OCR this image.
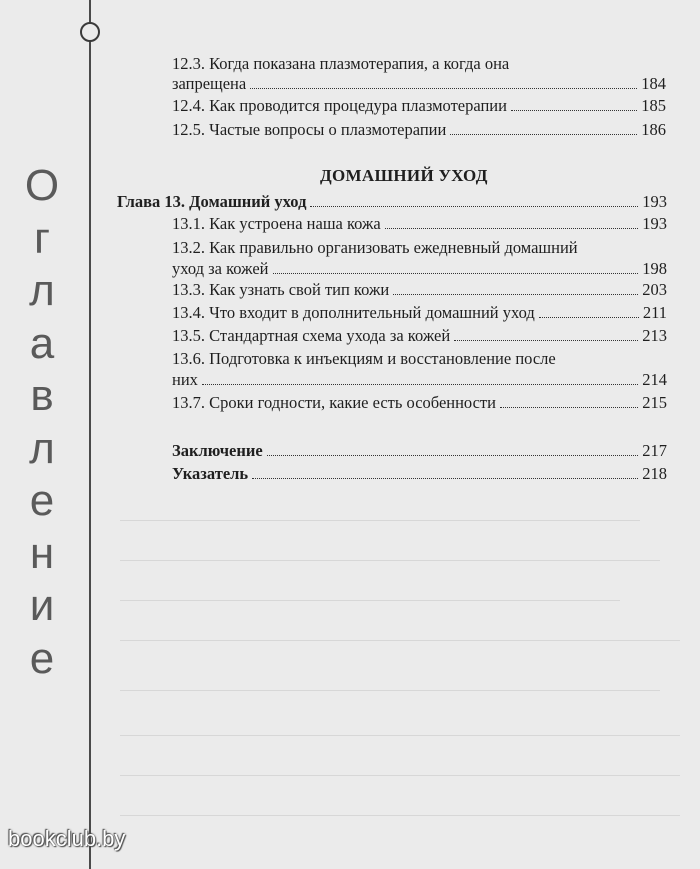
О
г
л
а
в
л
е
н
и
е
12.3. Когда показана плазмотерапия, а когда она
запрещена	184
12.4. Как проводится процедура плазмотерапии	185
12.5. Частые вопросы о плазмотерапии	186
ДОМАШНИЙ УХОД
Глава 13. Домашний уход	193
13.1. Как устроена наша кожа	193
13.2. Как правильно организовать ежедневный домашний
уход за кожей	198
13.3. Как узнать свой тип кожи	203
13.4. Что входит в дополнительный домашний уход	211
13.5. Стандартная схема ухода за кожей	213
13.6. Подготовка к инъекциям и восстановление после
них	214
13.7. Сроки годности, какие есть особенности	215
Заключение	217
Указатель	218
bookclub.by
